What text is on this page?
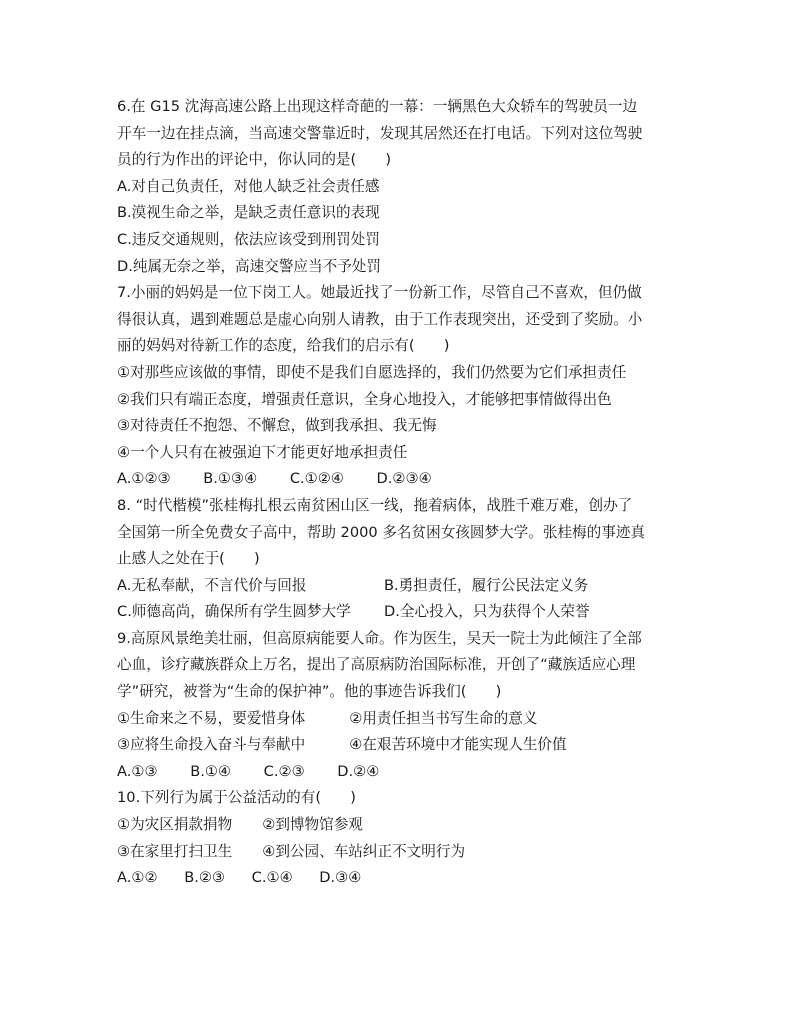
6.在 G15 沈海高速公路上出现这样奇葩的一幕：一辆黑色大众轿车的驾驶员一边
开车一边在挂点滴，当高速交警靠近时，发现其居然还在打电话。下列对这位驾驶
员的行为作出的评论中，你认同的是(　　)
A.对自己负责任，对他人缺乏社会责任感
B.漠视生命之举，是缺乏责任意识的表现
C.违反交通规则，依法应该受到刑罚处罚
D.纯属无奈之举，高速交警应当不予处罚
7.小丽的妈妈是一位下岗工人。她最近找了一份新工作，尽管自己不喜欢，但仍做
得很认真，遇到难题总是虚心向别人请教，由于工作表现突出，还受到了奖励。小
丽的妈妈对待新工作的态度，给我们的启示有(　　)
①对那些应该做的事情，即使不是我们自愿选择的，我们仍然要为它们承担责任
②我们只有端正态度，增强责任意识，全身心地投入，才能够把事情做得出色
③对待责任不抱怨、不懈怠，做到我承担、我无悔
④一个人只有在被强迫下才能更好地承担责任
A.①②③ B.①③④ C.①②④ D.②③④
8. “时代楷模”张桂梅扎根云南贫困山区一线，拖着病体，战胜千难万难，创办了
全国第一所全免费女子高中，帮助 2000 多名贫困女孩圆梦大学。张桂梅的事迹真
止感人之处在于(　　)
A.无私奉献，不言代价与回报	B.勇担责任，履行公民法定义务
C.师德高尚，确保所有学生圆梦大学	D.全心投入，只为获得个人荣誉
9.高原风景绝美壮丽，但高原病能要人命。作为医生，吴天一院士为此倾注了全部
心血，诊疗藏族群众上万名，提出了高原病防治国际标准，开创了“藏族适应心理
学”研究，被誉为“生命的保护神”。他的事迹告诉我们(　　)
①生命来之不易，要爱惜身体	②用责任担当书写生命的意义
③应将生命投入奋斗与奉献中	④在艰苦环境中才能实现人生价值
A.①③ B.①④ C.②③ D.②④
10.下列行为属于公益活动的有(　　)
①为灾区捐款捐物 ②到博物馆参观
③在家里打扫卫生 ④到公园、车站纠正不文明行为
A.①② B.②③ C.①④ D.③④
